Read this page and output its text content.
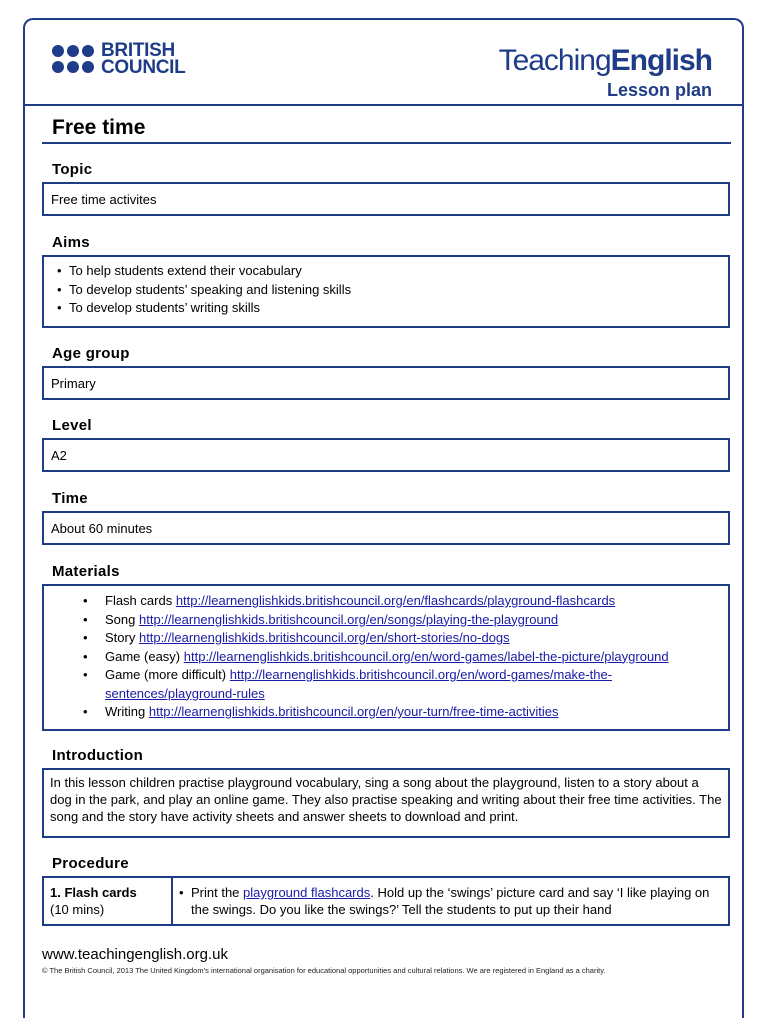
BRITISH
COUNCIL	TeachingEnglish
Lesson plan
Free time
Topic
Free time activites
Aims
• To help students extend their vocabulary
• To develop students’ speaking and listening skills
• To develop students’ writing skills
Age group
Primary
Level
A2
Time
About 60 minutes
Materials
• Flash cards http://learnenglishkids.britishcouncil.org/en/flashcards/playground-flashcards
• Song http://learnenglishkids.britishcouncil.org/en/songs/playing-the-playground
• Story http://learnenglishkids.britishcouncil.org/en/short-stories/no-dogs
• Game (easy) http://learnenglishkids.britishcouncil.org/en/word-games/label-the-picture/playground
• Game (more difficult) http://learnenglishkids.britishcouncil.org/en/word-games/make-the-
sentences/playground-rules
• Writing http://learnenglishkids.britishcouncil.org/en/your-turn/free-time-activities
Introduction
In this lesson children practise playground vocabulary, sing a song about the playground, listen to a story about a dog in the park, and play an online game. They also practise speaking and writing about their free time activities. The song and the story have activity sheets and answer sheets to download and print.
Procedure
1. Flash cards
(10 mins)
• Print the playground flashcards. Hold up the ‘swings’ picture card and say ‘I like playing on the swings. Do you like the swings?’ Tell the students to put up their hand
www.teachingenglish.org.uk
© The British Council, 2013 The United Kingdom’s international organisation for educational opportunities and cultural relations. We are registered in England as a charity.
